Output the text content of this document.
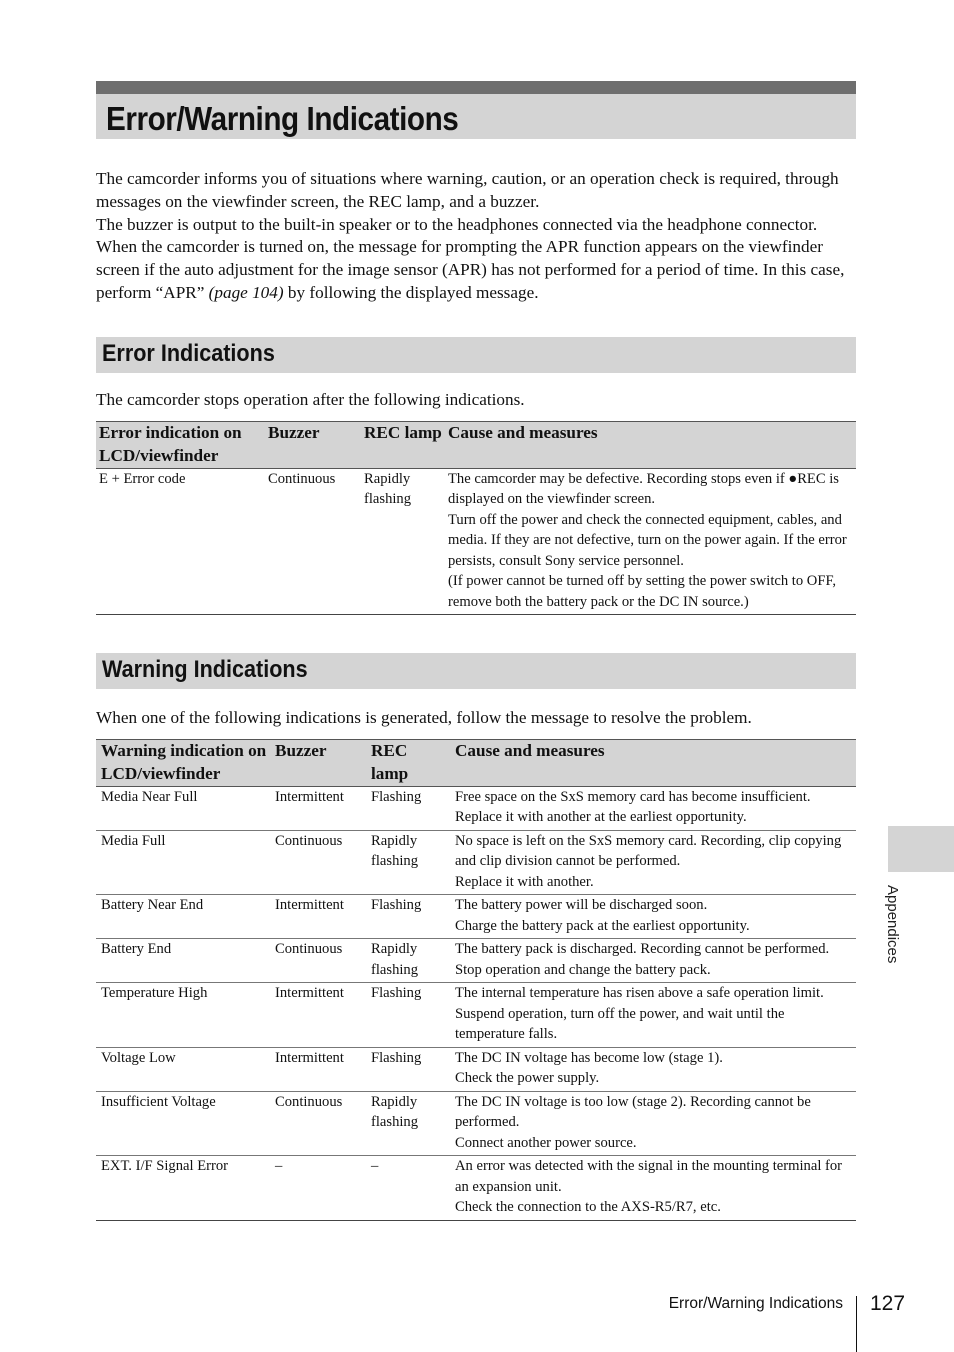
Error/Warning Indications

The camcorder informs you of situations where warning, caution, or an operation check is required, through messages on the viewfinder screen, the REC lamp, and a buzzer.

The buzzer is output to the built-in speaker or to the headphones connected via the headphone connector.

When the camcorder is turned on, the message for prompting the APR function appears on the viewfinder screen if the auto adjustment for the image sensor (APR) has not performed for a period of time. In this case, perform “APR” (page 104) by following the displayed message.

Error Indications
The camcorder stops operation after the following indications.
Error indication on LCD/viewfinder	Buzzer	REC lamp	Cause and measures
E + Error code	Continuous	Rapidly flashing	The camcorder may be defective. Recording stops even if ●REC is displayed on the viewfinder screen.
Turn off the power and check the connected equipment, cables, and media. If they are not defective, turn on the power again. If the error persists, consult Sony service personnel.
(If power cannot be turned off by setting the power switch to OFF, remove both the battery pack or the DC IN source.)
Warning Indications
When one of the following indications is generated, follow the message to resolve the problem.
Warning indication on LCD/viewfinder	Buzzer	REC lamp	Cause and measures
Media Near Full	Intermittent	Flashing	Free space on the SxS memory card has become insufficient.
Replace it with another at the earliest opportunity.

Media Full	Continuous	Rapidly flashing	No space is left on the SxS memory card. Recording, clip copying and clip division cannot be performed.
Replace it with another.

Battery Near End	Intermittent	Flashing	The battery power will be discharged soon.
Charge the battery pack at the earliest opportunity.

Battery End	Continuous	Rapidly flashing	The battery pack is discharged. Recording cannot be performed.
Stop operation and change the battery pack.

Temperature High	Intermittent	Flashing	The internal temperature has risen above a safe operation limit.
Suspend operation, turn off the power, and wait until the temperature falls.

Voltage Low	Intermittent	Flashing	The DC IN voltage has become low (stage 1).
Check the power supply.

Insufficient Voltage	Continuous	Rapidly flashing	The DC IN voltage is too low (stage 2). Recording cannot be performed.
Connect another power source.

EXT. I/F Signal Error	–	–	An error was detected with the signal in the mounting terminal for an expansion unit.
Check the connection to the AXS-R5/R7, etc.
Appendices
Error/Warning Indications 127
